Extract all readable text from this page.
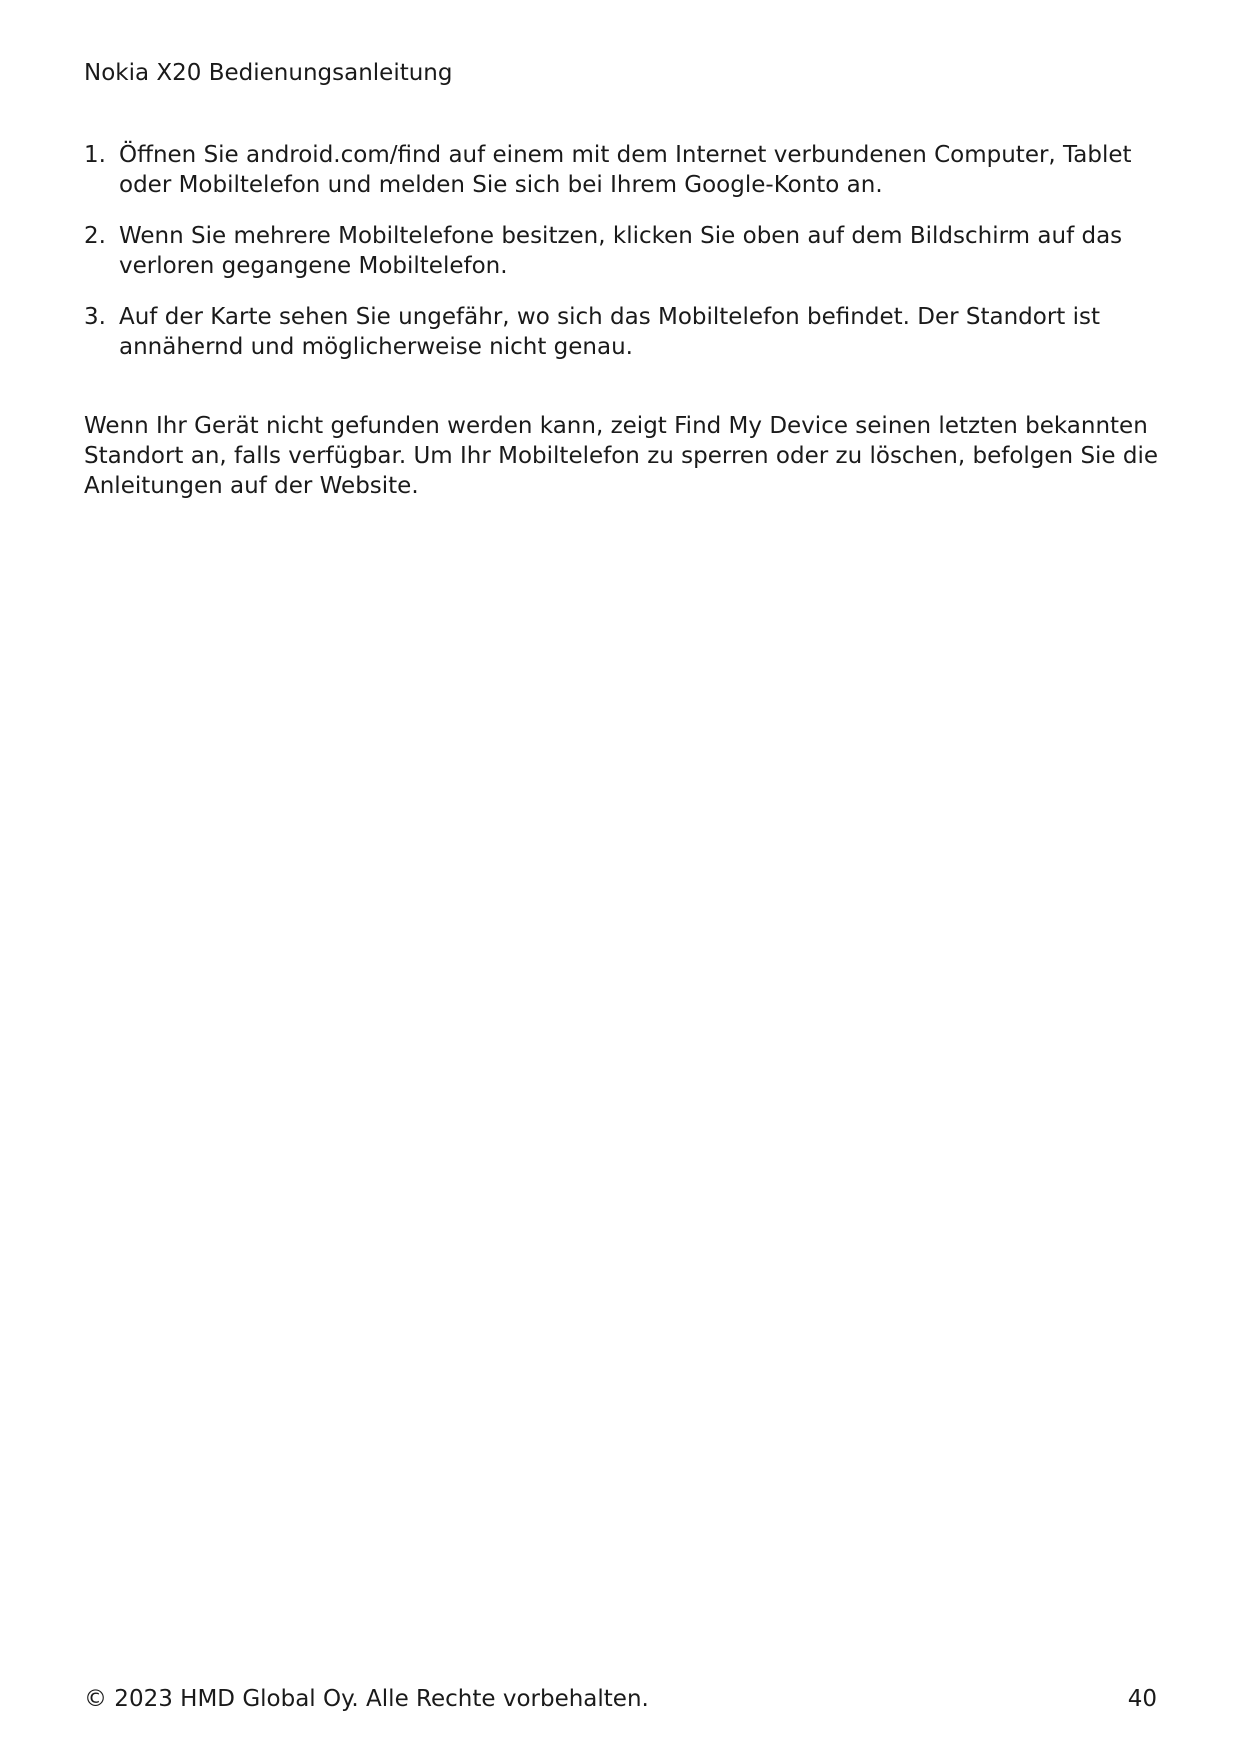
Nokia X20 Bedienungsanleitung
1. Öffnen Sie android.com/find auf einem mit dem Internet verbundenen Computer, Tablet oder Mobiltelefon und melden Sie sich bei Ihrem Google-Konto an.
2. Wenn Sie mehrere Mobiltelefone besitzen, klicken Sie oben auf dem Bildschirm auf das verloren gegangene Mobiltelefon.
3. Auf der Karte sehen Sie ungefähr, wo sich das Mobiltelefon befindet. Der Standort ist annähernd und möglicherweise nicht genau.

Wenn Ihr Gerät nicht gefunden werden kann, zeigt Find My Device seinen letzten bekannten Standort an, falls verfügbar. Um Ihr Mobiltelefon zu sperren oder zu löschen, befolgen Sie die Anleitungen auf der Website.

© 2023 HMD Global Oy. Alle Rechte vorbehalten.	40
